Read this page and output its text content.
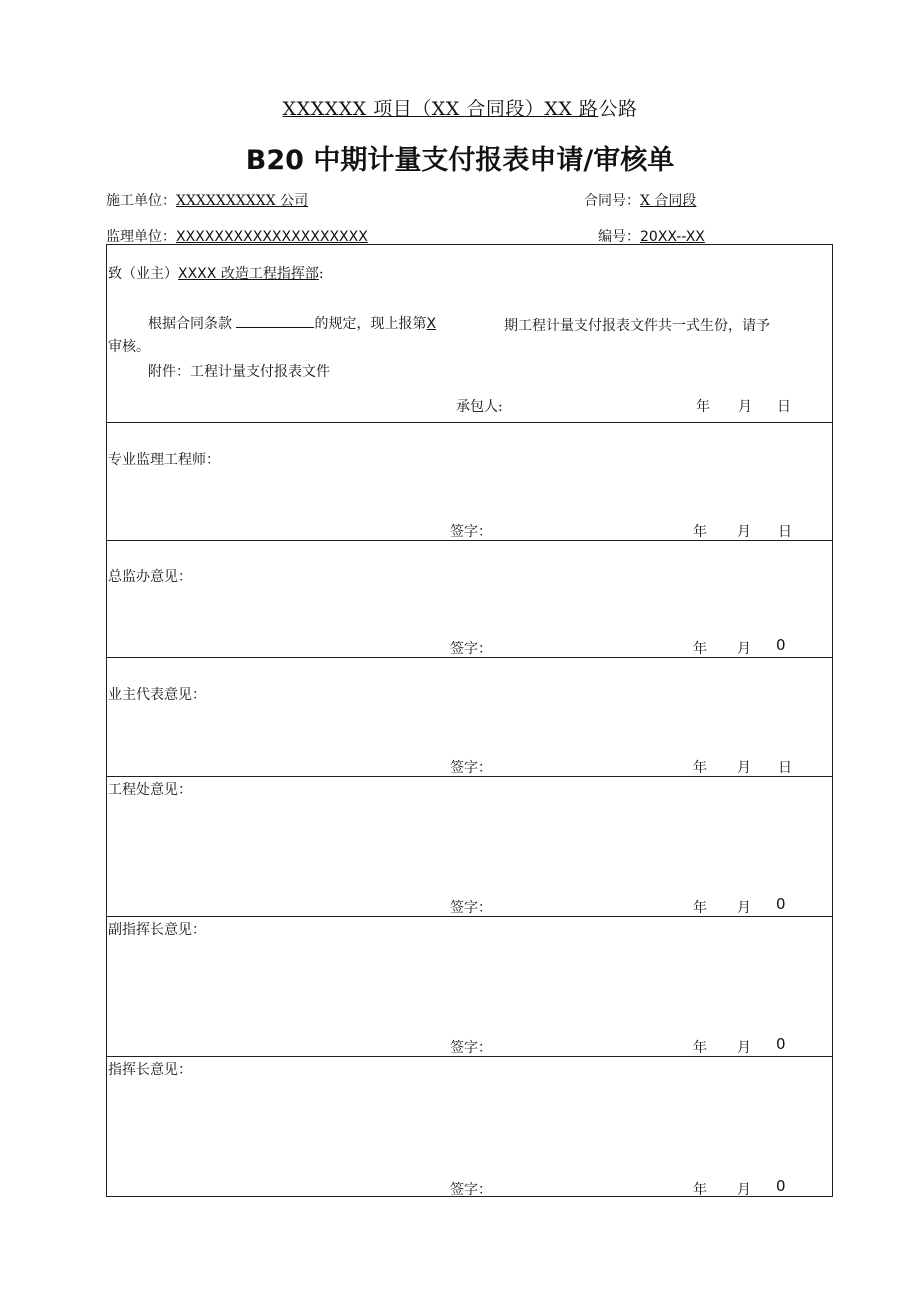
XXXXXX 项目（XX 合同段）XX 路公路
B20 中期计量支付报表申请/审核单
施工单位：XXXXXXXXXX 公司	合同号：X 合同段
监理单位：XXXXXXXXXXXXXXXXXXXX	编号：20XX--XX
致（业主）XXXX 改造工程指挥部:
根据合同条款	的规定，现上报第X	期工程计量支付报表文件共一式生份，请予
审核。
附件：工程计量支付报表文件
承包人:	年 月 日
专业监理工程师：
签字：	年 月 日
总监办意见：
签字：	年 月 0
业主代表意见：
签字：	年 月 日
工程处意见：
签字：	年 月 0
副指挥长意见：
签字：	年 月 0
指挥长意见：
签字：	年 月 0
